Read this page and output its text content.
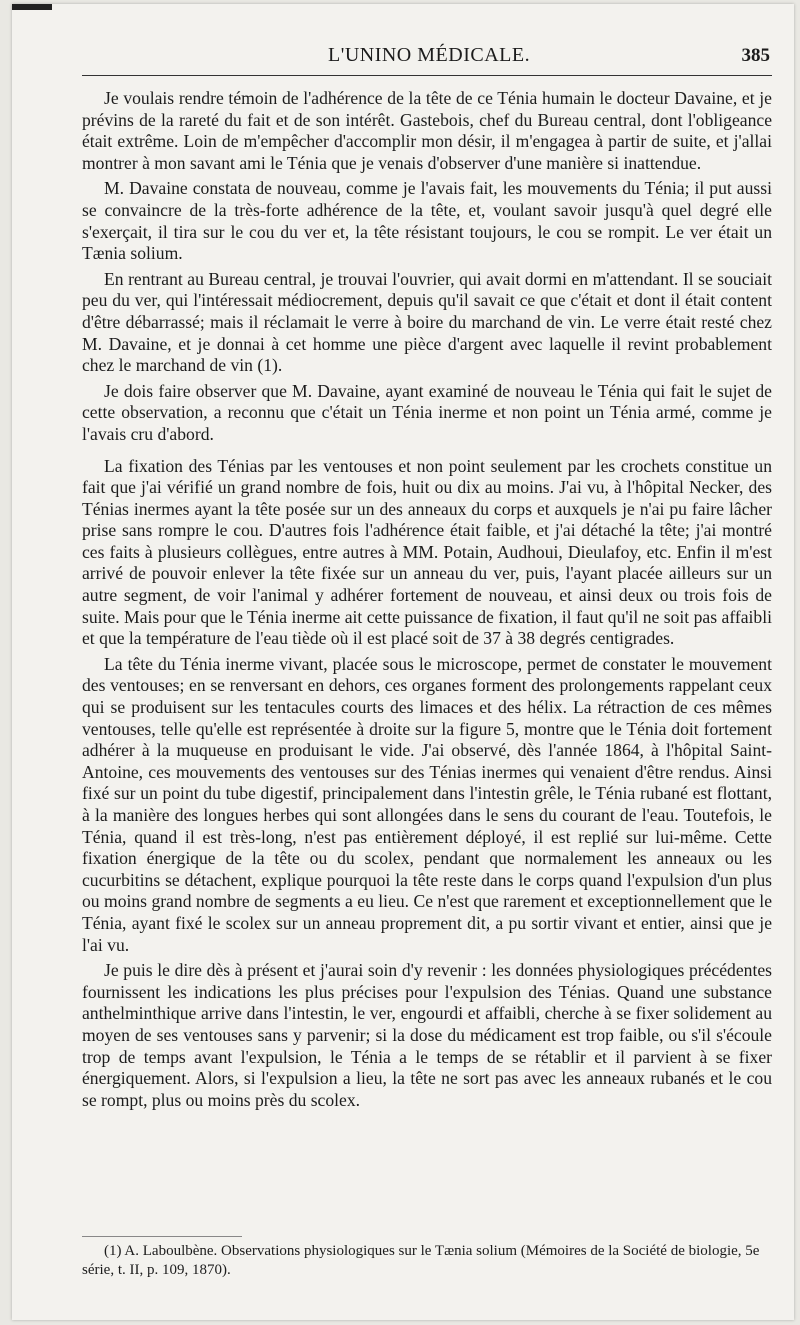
L'UNINO MÉDICALE.	385

Je voulais rendre témoin de l'adhérence de la tête de ce Ténia humain le docteur Davaine, et je prévins de la rareté du fait et de son intérêt. Gastebois, chef du Bureau central, dont l'obligeance était extrême. Loin de m'empêcher d'accomplir mon désir, il m'engagea à partir de suite, et j'allai montrer à mon savant ami le Ténia que je venais d'observer d'une manière si inattendue.

M. Davaine constata de nouveau, comme je l'avais fait, les mouvements du Ténia; il put aussi se convaincre de la très-forte adhérence de la tête, et, voulant savoir jusqu'à quel degré elle s'exerçait, il tira sur le cou du ver et, la tête résistant toujours, le cou se rompit. Le ver était un Tænia solium.

En rentrant au Bureau central, je trouvai l'ouvrier, qui avait dormi en m'attendant. Il se souciait peu du ver, qui l'intéressait médiocrement, depuis qu'il savait ce que c'était et dont il était content d'être débarrassé; mais il réclamait le verre à boire du marchand de vin. Le verre était resté chez M. Davaine, et je donnai à cet homme une pièce d'argent avec laquelle il revint probablement chez le marchand de vin (1).

Je dois faire observer que M. Davaine, ayant examiné de nouveau le Ténia qui fait le sujet de cette observation, a reconnu que c'était un Ténia inerme et non point un Ténia armé, comme je l'avais cru d'abord.

La fixation des Ténias par les ventouses et non point seulement par les crochets constitue un fait que j'ai vérifié un grand nombre de fois, huit ou dix au moins. J'ai vu, à l'hôpital Necker, des Ténias inermes ayant la tête posée sur un des anneaux du corps et auxquels je n'ai pu faire lâcher prise sans rompre le cou. D'autres fois l'adhérence était faible, et j'ai détaché la tête; j'ai montré ces faits à plusieurs collègues, entre autres à MM. Potain, Audhoui, Dieulafoy, etc. Enfin il m'est arrivé de pouvoir enlever la tête fixée sur un anneau du ver, puis, l'ayant placée ailleurs sur un autre segment, de voir l'animal y adhérer fortement de nouveau, et ainsi deux ou trois fois de suite. Mais pour que le Ténia inerme ait cette puissance de fixation, il faut qu'il ne soit pas affaibli et que la température de l'eau tiède où il est placé soit de 37 à 38 degrés centigrades.

La tête du Ténia inerme vivant, placée sous le microscope, permet de constater le mouvement des ventouses; en se renversant en dehors, ces organes forment des prolongements rappelant ceux qui se produisent sur les tentacules courts des limaces et des hélix. La rétraction de ces mêmes ventouses, telle qu'elle est représentée à droite sur la figure 5, montre que le Ténia doit fortement adhérer à la muqueuse en produisant le vide. J'ai observé, dès l'année 1864, à l'hôpital Saint-Antoine, ces mouvements des ventouses sur des Ténias inermes qui venaient d'être rendus. Ainsi fixé sur un point du tube digestif, principalement dans l'intestin grêle, le Ténia rubané est flottant, à la manière des longues herbes qui sont allongées dans le sens du courant de l'eau. Toutefois, le Ténia, quand il est très-long, n'est pas entièrement déployé, il est replié sur lui-même. Cette fixation énergique de la tête ou du scolex, pendant que normalement les anneaux ou les cucurbitins se détachent, explique pourquoi la tête reste dans le corps quand l'expulsion d'un plus ou moins grand nombre de segments a eu lieu. Ce n'est que rarement et exceptionnellement que le Ténia, ayant fixé le scolex sur un anneau proprement dit, a pu sortir vivant et entier, ainsi que je l'ai vu.

Je puis le dire dès à présent et j'aurai soin d'y revenir : les données physiologiques précédentes fournissent les indications les plus précises pour l'expulsion des Ténias. Quand une substance anthelminthique arrive dans l'intestin, le ver, engourdi et affaibli, cherche à se fixer solidement au moyen de ses ventouses sans y parvenir; si la dose du médicament est trop faible, ou s'il s'écoule trop de temps avant l'expulsion, le Ténia a le temps de se rétablir et il parvient à se fixer énergiquement. Alors, si l'expulsion a lieu, la tête ne sort pas avec les anneaux rubanés et le cou se rompt, plus ou moins près du scolex.

(1) A. Laboulbène. Observations physiologiques sur le Tænia solium (Mémoires de la Société de biologie, 5e série, t. II, p. 109, 1870).
